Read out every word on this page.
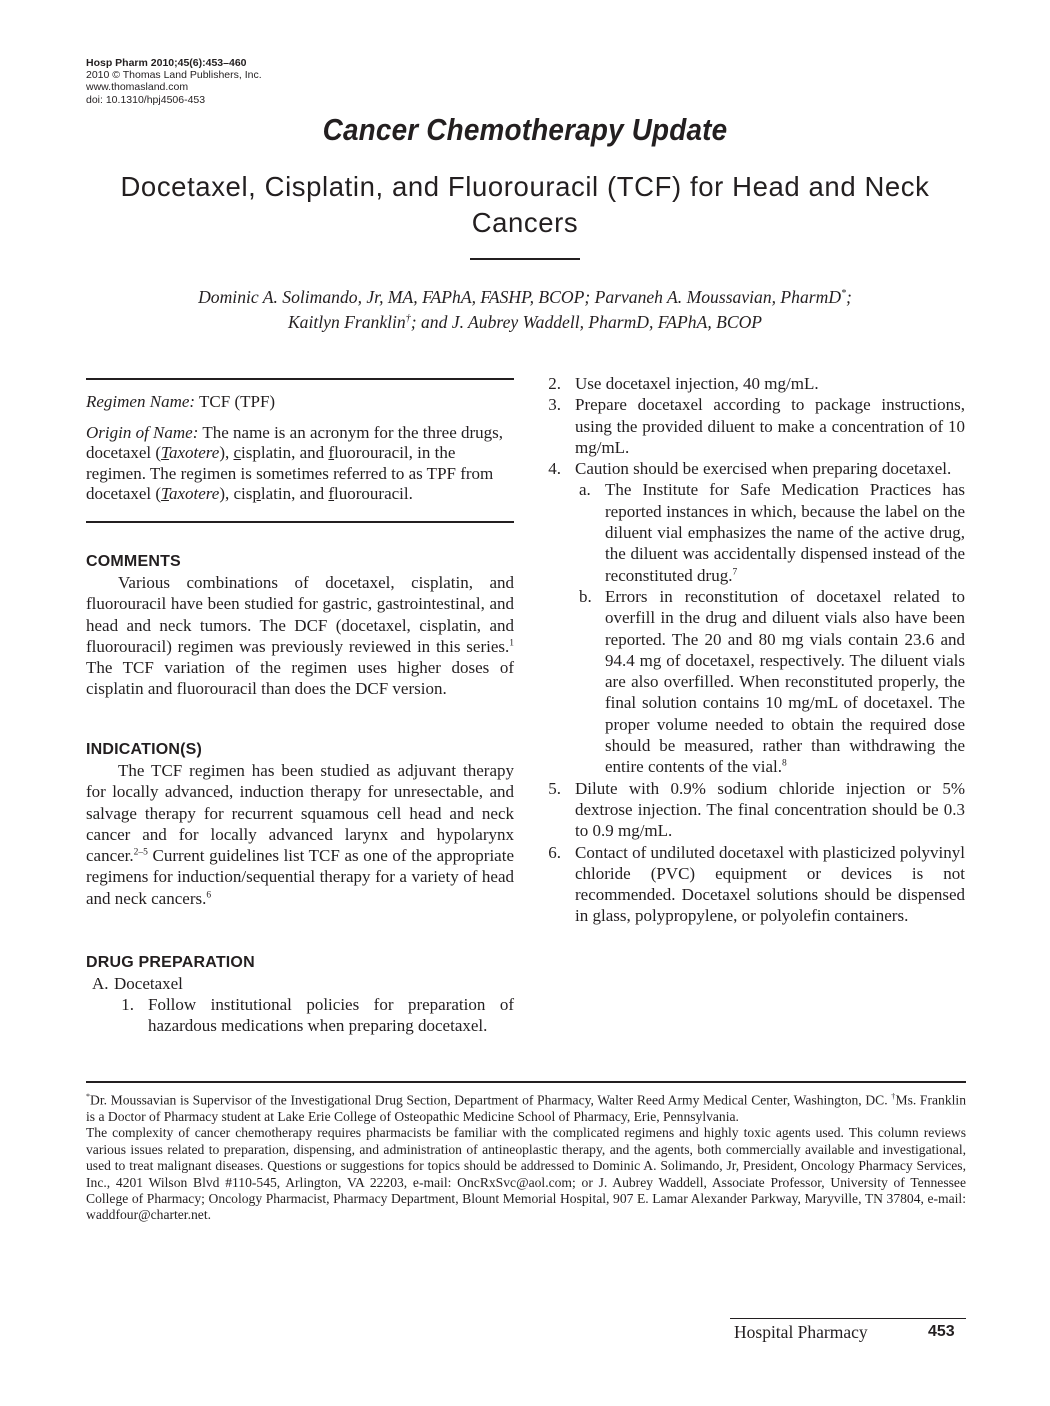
Hosp Pharm 2010;45(6):453–460
2010 © Thomas Land Publishers, Inc.
www.thomasland.com
doi: 10.1310/hpj4506-453
Cancer Chemotherapy Update
Docetaxel, Cisplatin, and Fluorouracil (TCF) for Head and Neck Cancers
Dominic A. Solimando, Jr, MA, FAPhA, FASHP, BCOP; Parvaneh A. Moussavian, PharmD*;
Kaitlyn Franklin†; and J. Aubrey Waddell, PharmD, FAPhA, BCOP

Regimen Name: TCF (TPF)

Origin of Name: The name is an acronym for the three drugs, docetaxel (Taxotere), cisplatin, and fluorouracil, in the regimen. The regimen is sometimes referred to as TPF from docetaxel (Taxotere), cisplatin, and fluorouracil.

COMMENTS

Various combinations of docetaxel, cisplatin, and fluorouracil have been studied for gastric, gastrointestinal, and head and neck tumors. The DCF (docetaxel, cisplatin, and fluorouracil) regimen was previously reviewed in this series.$^1$ The TCF variation of the regimen uses higher doses of cisplatin and fluorouracil than does the DCF version.

INDICATION(S)

The TCF regimen has been studied as adjuvant therapy for locally advanced, induction therapy for unresectable, and salvage therapy for recurrent squamous cell head and neck cancer and for locally advanced larynx and hypolarynx cancer.$^{2-5}$ Current guidelines list TCF as one of the appropriate regimens for induction/sequential therapy for a variety of head and neck cancers.$^6$

DRUG PREPARATION
A. Docetaxel
1. Follow institutional policies for preparation of hazardous medications when preparing docetaxel.
2. Use docetaxel injection, 40 mg/mL.
3. Prepare docetaxel according to package instructions, using the provided diluent to make a concentration of 10 mg/mL.
4. Caution should be exercised when preparing docetaxel.
a. The Institute for Safe Medication Practices has reported instances in which, because the label on the diluent vial emphasizes the name of the active drug, the diluent was accidentally dispensed instead of the reconstituted drug.$^7$
b. Errors in reconstitution of docetaxel related to overfill in the drug and diluent vials also have been reported. The 20 and 80 mg vials contain 23.6 and 94.4 mg of docetaxel, respectively. The diluent vials are also overfilled. When reconstituted properly, the final solution contains 10 mg/mL of docetaxel. The proper volume needed to obtain the required dose should be measured, rather than withdrawing the entire contents of the vial.$^8$
5. Dilute with 0.9% sodium chloride injection or 5% dextrose injection. The final concentration should be 0.3 to 0.9 mg/mL.
6. Contact of undiluted docetaxel with plasticized polyvinyl chloride (PVC) equipment or devices is not recommended. Docetaxel solutions should be dispensed in glass, polypropylene, or polyolefin containers.

*Dr. Moussavian is Supervisor of the Investigational Drug Section, Department of Pharmacy, Walter Reed Army Medical Center, Washington, DC. †Ms. Franklin is a Doctor of Pharmacy student at Lake Erie College of Osteopathic Medicine School of Pharmacy, Erie, Pennsylvania.

The complexity of cancer chemotherapy requires pharmacists be familiar with the complicated regimens and highly toxic agents used. This column reviews various issues related to preparation, dispensing, and administration of antineoplastic therapy, and the agents, both commercially available and investigational, used to treat malignant diseases. Questions or suggestions for topics should be addressed to Dominic A. Solimando, Jr, President, Oncology Pharmacy Services, Inc., 4201 Wilson Blvd #110-545, Arlington, VA 22203, e-mail: OncRxSvc@aol.com; or J. Aubrey Waddell, Associate Professor, University of Tennessee College of Pharmacy; Oncology Pharmacist, Pharmacy Department, Blount Memorial Hospital, 907 E. Lamar Alexander Parkway, Maryville, TN 37804, e-mail: waddfour@charter.net.

Hospital Pharmacy	453
